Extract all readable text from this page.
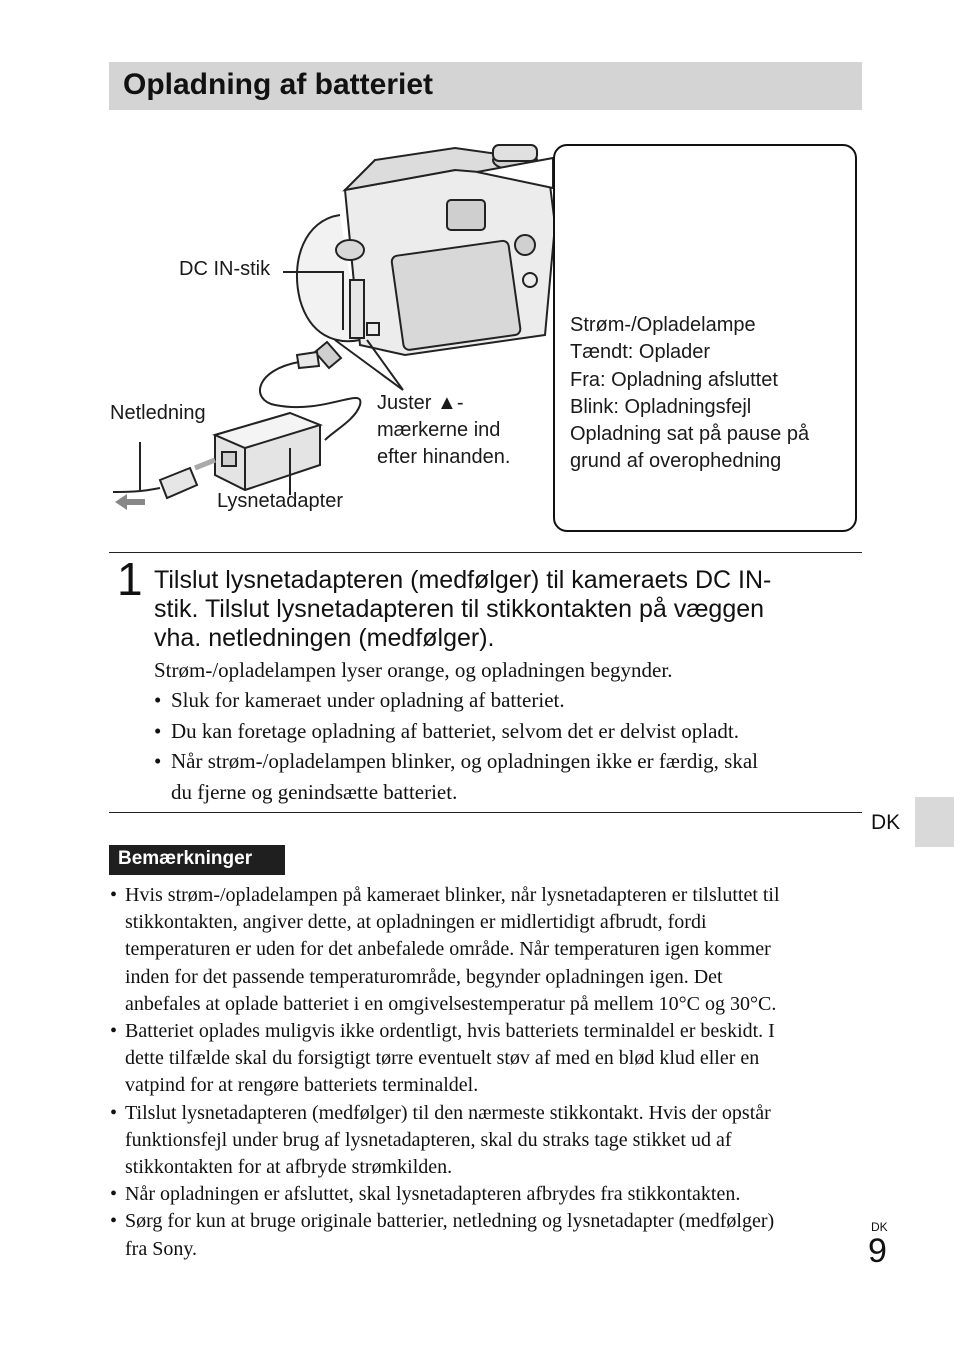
Opladning af batteriet
DC IN-stik
Netledning
Lysnetadapter
Juster ▲-
mærkerne ind
efter hinanden.
Strøm-/Opladelampe
Tændt: Oplader
Fra: Opladning afsluttet
Blink: Opladningsfejl
Opladning sat på pause på
grund af overophedning
1 Tilslut lysnetadapteren (medfølger) til kameraets DC IN-
stik. Tilslut lysnetadapteren til stikkontakten på væggen
vha. netledningen (medfølger).
Strøm-/opladelampen lyser orange, og opladningen begynder.
• Sluk for kameraet under opladning af batteriet.
• Du kan foretage opladning af batteriet, selvom det er delvist opladt.
• Når strøm-/opladelampen blinker, og opladningen ikke er færdig, skal
du fjerne og genindsætte batteriet.
Bemærkninger
• Hvis strøm-/opladelampen på kameraet blinker, når lysnetadapteren er tilsluttet til
stikkontakten, angiver dette, at opladningen er midlertidigt afbrudt, fordi
temperaturen er uden for det anbefalede område. Når temperaturen igen kommer
inden for det passende temperaturområde, begynder opladningen igen. Det
anbefales at oplade batteriet i en omgivelsestemperatur på mellem 10°C og 30°C.
• Batteriet oplades muligvis ikke ordentligt, hvis batteriets terminaldel er beskidt. I
dette tilfælde skal du forsigtigt tørre eventuelt støv af med en blød klud eller en
vatpind for at rengøre batteriets terminaldel.
• Tilslut lysnetadapteren (medfølger) til den nærmeste stikkontakt. Hvis der opstår
funktionsfejl under brug af lysnetadapteren, skal du straks tage stikket ud af
stikkontakten for at afbryde strømkilden.
• Når opladningen er afsluttet, skal lysnetadapteren afbrydes fra stikkontakten.
• Sørg for kun at bruge originale batterier, netledning og lysnetadapter (medfølger)
fra Sony.
DK
DK
9
